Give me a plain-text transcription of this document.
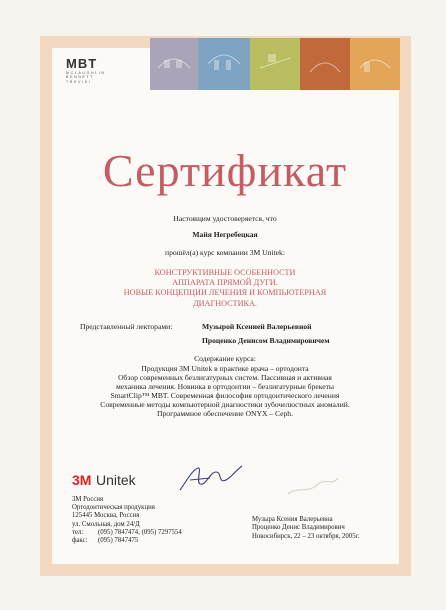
MBT
MCLAUGHLIN
BENNETT
TREVISI
Сертификат
Настоящим удостоверяется, что
Майя Негребецкая
прошёл(а) курс компании 3M Unitek:
КОНСТРУКТИВНЫЕ ОСОБЕННОСТИ
АППАРАТА ПРЯМОЙ ДУГИ.
НОВЫЕ КОНЦЕПЦИИ ЛЕЧЕНИЯ И КОМПЬЮТЕРНАЯ
ДИАГНОСТИКА.
Представленный лекторами:	Музырой Ксенией Валерьевной
Проценко Денисом Владимировичем
Содержание курса:
Продукция 3M Unitek в практике врача – ортодонта
Обзор современных безлигатурных систем. Пассивная и активная
механика лечения. Новинка в ортодонтии – безлигатурные брекеты
SmartClip™ MBT. Современная философия ортодонтического лечения
Современные методы компьютерной диагностики зубочелюстных аномалий.
Программное обеспечение ONYX – Ceph.
3M Unitek
3M Россия
Ортодонтическая продукция
125445 Москва, Россия
ул. Смольная, дом 24/Д
тел: (095) 7847474, (095) 7297554
факс: (095) 7847475
Музыра Ксения Валерьевна
Проценко Денис Владимирович
Новосибирск, 22 – 23 октября, 2005г.
